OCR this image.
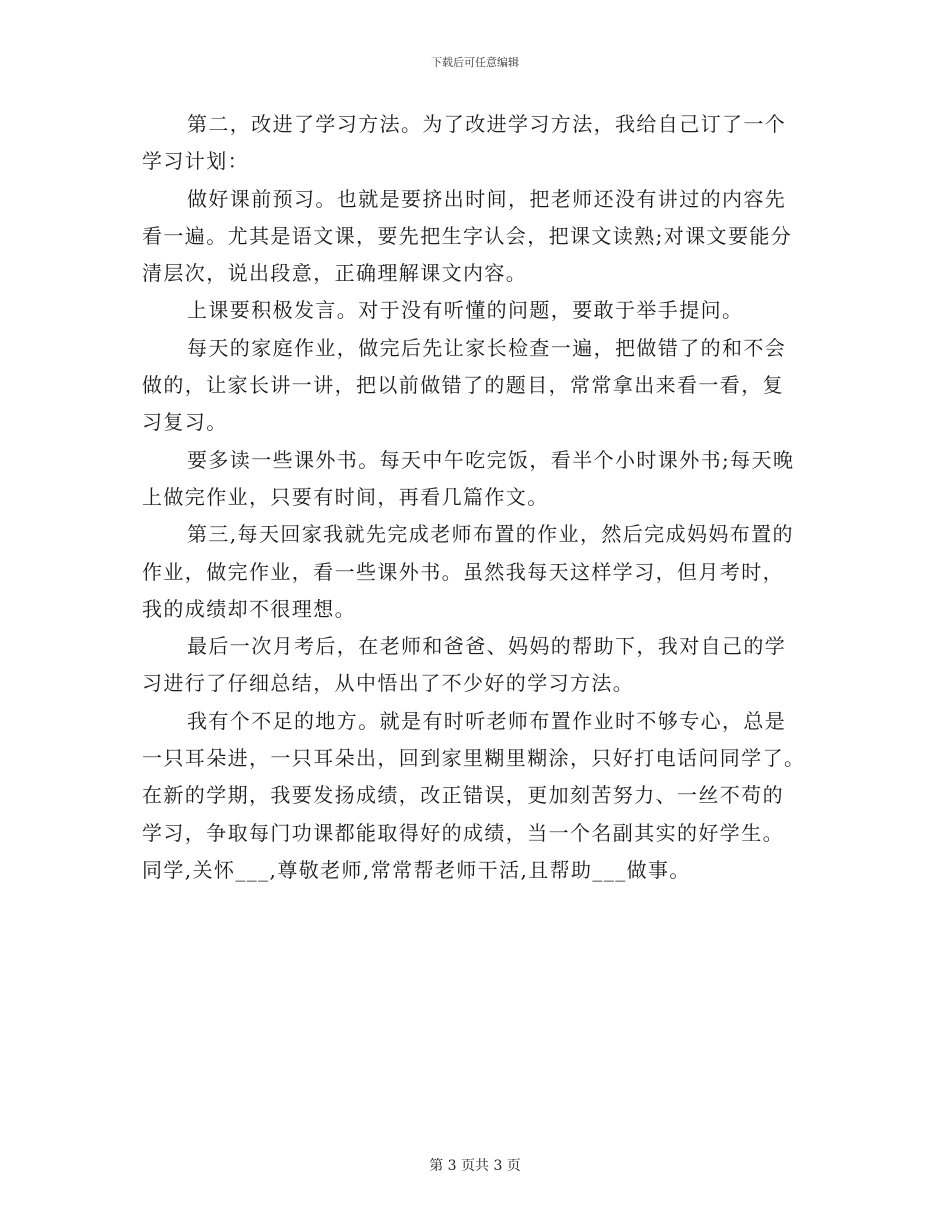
下载后可任意编辑
第二，改进了学习方法。为了改进学习方法，我给自己订了一个
学习计划：
做好课前预习。也就是要挤出时间，把老师还没有讲过的内容先
看一遍。尤其是语文课，要先把生字认会，把课文读熟;对课文要能分
清层次，说出段意，正确理解课文内容。
上课要积极发言。对于没有听懂的问题，要敢于举手提问。
每天的家庭作业，做完后先让家长检查一遍，把做错了的和不会
做的，让家长讲一讲，把以前做错了的题目，常常拿出来看一看，复
习复习。
要多读一些课外书。每天中午吃完饭，看半个小时课外书;每天晚
上做完作业，只要有时间，再看几篇作文。
第三,每天回家我就先完成老师布置的作业，然后完成妈妈布置的
作业，做完作业，看一些课外书。虽然我每天这样学习，但月考时，
我的成绩却不很理想。
最后一次月考后，在老师和爸爸、妈妈的帮助下，我对自己的学
习进行了仔细总结，从中悟出了不少好的学习方法。
我有个不足的地方。就是有时听老师布置作业时不够专心，总是
一只耳朵进，一只耳朵出，回到家里糊里糊涂，只好打电话问同学了。
在新的学期，我要发扬成绩，改正错误，更加刻苦努力、一丝不苟的
学习，争取每门功课都能取得好的成绩，当一个名副其实的好学生。
同学,关怀___,尊敬老师,常常帮老师干活,且帮助___做事。
第 3 页共 3 页
